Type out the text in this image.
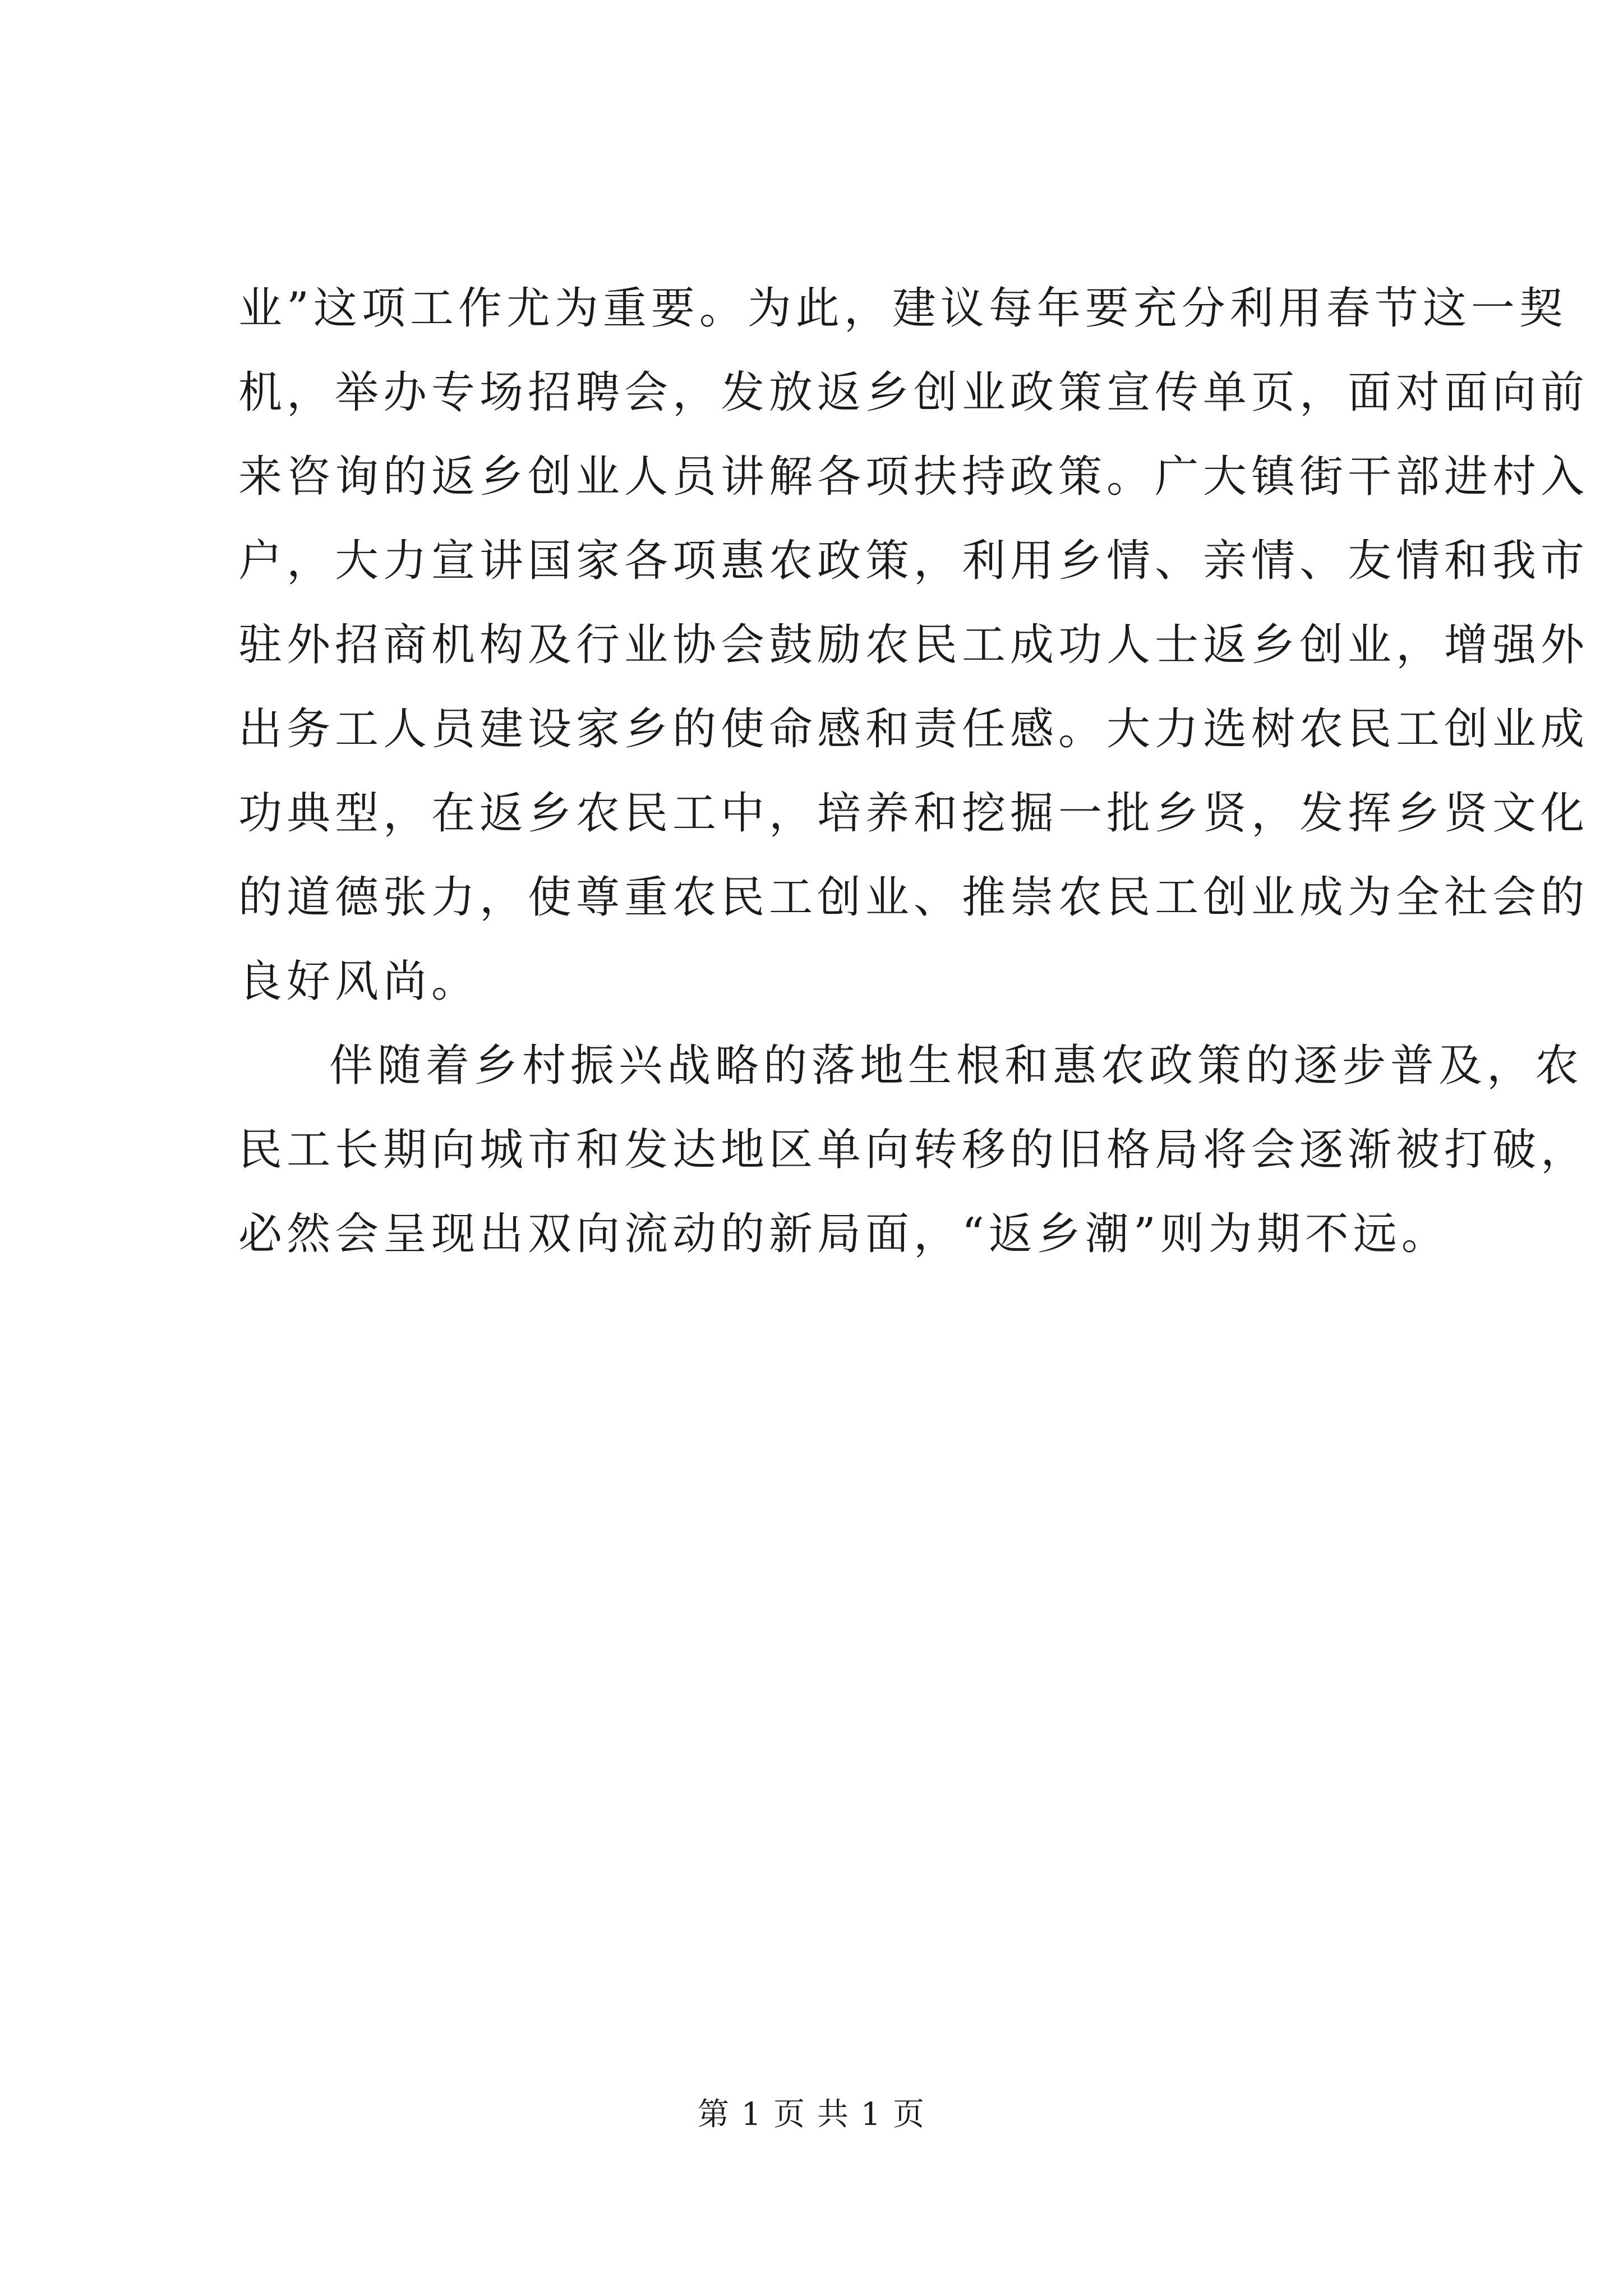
业”这项工作尤为重要。为此，建议每年要充分利用春节这一契
机，举办专场招聘会，发放返乡创业政策宣传单页，面对面向前
来咨询的返乡创业人员讲解各项扶持政策。广大镇街干部进村入
户，大力宣讲国家各项惠农政策，利用乡情、亲情、友情和我市
驻外招商机构及行业协会鼓励农民工成功人士返乡创业，增强外
出务工人员建设家乡的使命感和责任感。大力选树农民工创业成
功典型，在返乡农民工中，培养和挖掘一批乡贤，发挥乡贤文化
的道德张力，使尊重农民工创业、推崇农民工创业成为全社会的
良好风尚。
伴随着乡村振兴战略的落地生根和惠农政策的逐步普及，农
民工长期向城市和发达地区单向转移的旧格局将会逐渐被打破，
必然会呈现出双向流动的新局面，“返乡潮”则为期不远。
第 1 页 共 1 页
